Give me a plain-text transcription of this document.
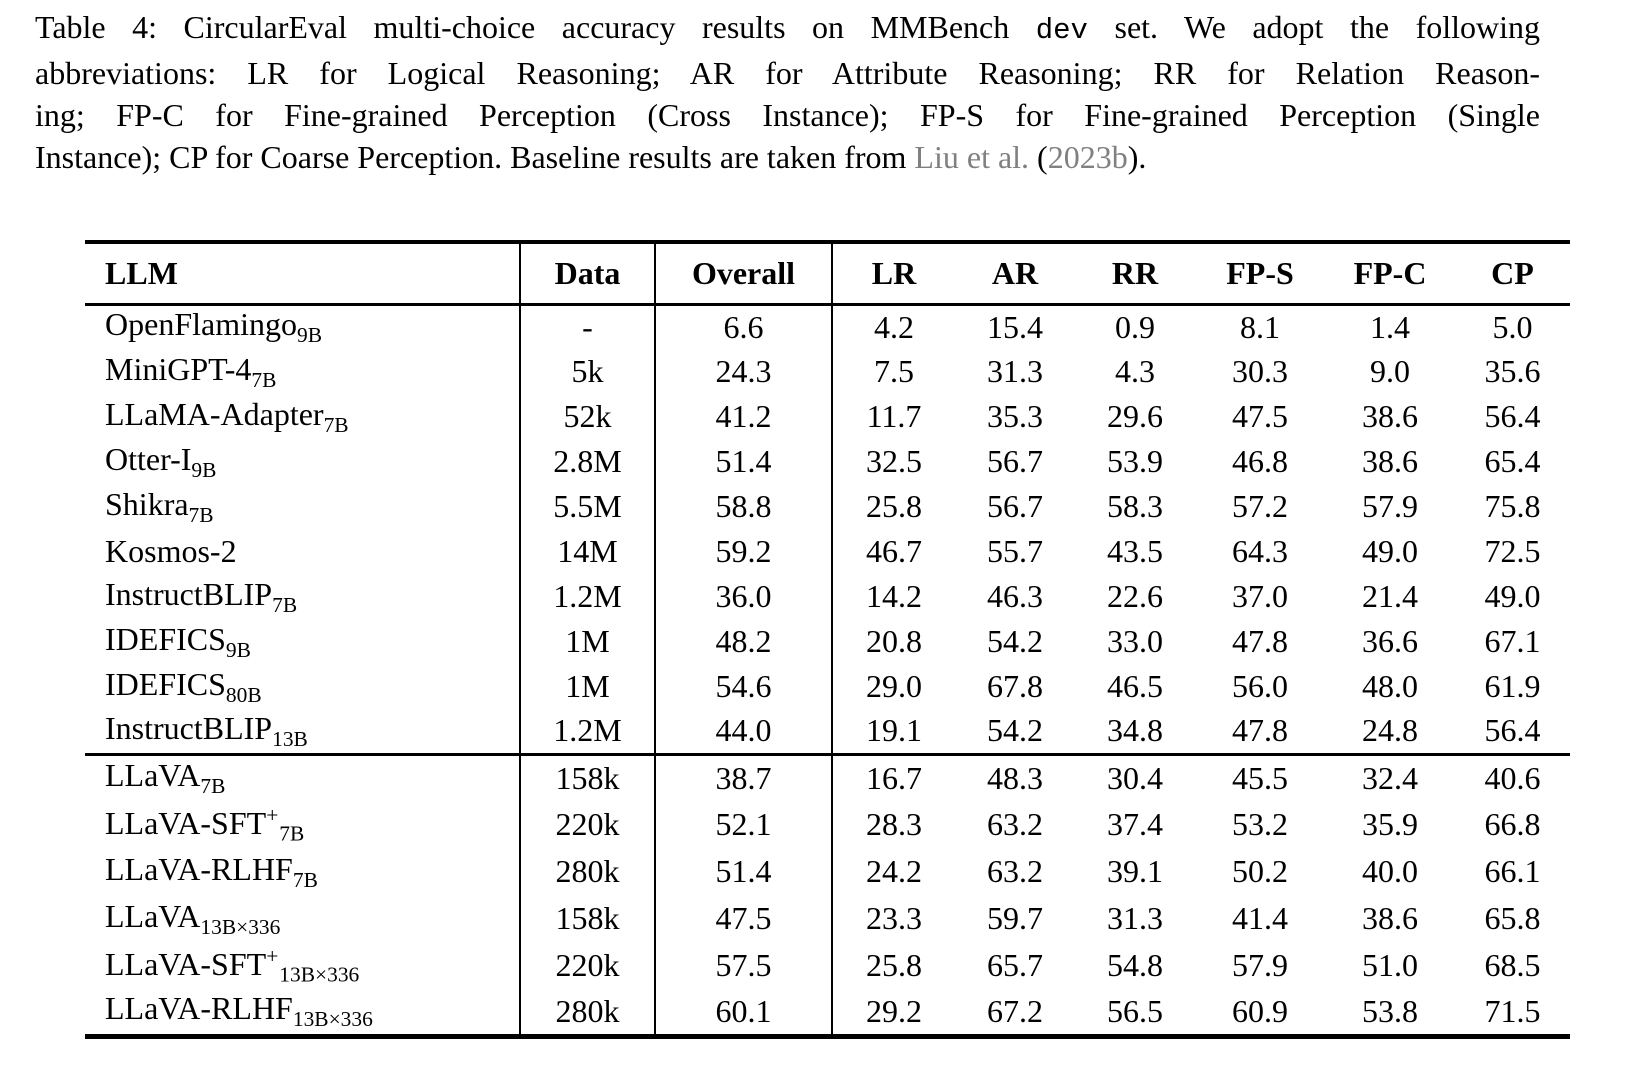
Table 4: CircularEval multi-choice accuracy results on MMBench dev set. We adopt the following
abbreviations: LR for Logical Reasoning; AR for Attribute Reasoning; RR for Relation Reason-
ing; FP-C for Fine-grained Perception (Cross Instance); FP-S for Fine-grained Perception (Single
Instance); CP for Coarse Perception. Baseline results are taken from Liu et al. (2023b).
LLM	Data	Overall	LR	AR	RR	FP-S	FP-C	CP
OpenFlamingo$_{9B}$	-	6.6	4.2	15.4	0.9	8.1	1.4	5.0
MiniGPT-$4_{7B}$	5k	24.3	7.5	31.3	4.3	30.3	9.0	35.6
LLaMA-Adapter$_{7B}$	52k	41.2	11.7	35.3	29.6	47.5	38.6	56.4
Otter-$I_{9B}$	2.8M	51.4	32.5	56.7	53.9	46.8	38.6	65.4
Shikra$_{7B}$	5.5M	58.8	25.8	56.7	58.3	57.2	57.9	75.8
Kosmos-2	14M	59.2	46.7	55.7	43.5	64.3	49.0	72.5
InstructBLIP$_{7B}$	1.2M	36.0	14.2	46.3	22.6	37.0	21.4	49.0
$IDEFICS_{9B}$	1M	48.2	20.8	54.2	33.0	47.8	36.6	67.1
$IDEFICS_{80B}$	1M	54.6	29.0	67.8	46.5	56.0	48.0	61.9
InstructBLIP$_{13B}$	1.2M	44.0	19.1	54.2	34.8	47.8	24.8	56.4
LLaVA$_{7B}$	158k	38.7	16.7	48.3	30.4	45.5	32.4	40.6
LLaVA-$SFT^+_{7B}$	220k	52.1	28.3	63.2	37.4	53.2	35.9	66.8
LLaVA-$RLHF_{7B}$	280k	51.4	24.2	63.2	39.1	50.2	40.0	66.1
LLaVA$_{13B\times 336}$	158k	47.5	23.3	59.7	31.3	41.4	38.6	65.8
LLaVA-$SFT^+_{13B\times 336}$	220k	57.5	25.8	65.7	54.8	57.9	51.0	68.5
LLaVA-$RLHF_{13B\times 336}$	280k	60.1	29.2	67.2	56.5	60.9	53.8	71.5
